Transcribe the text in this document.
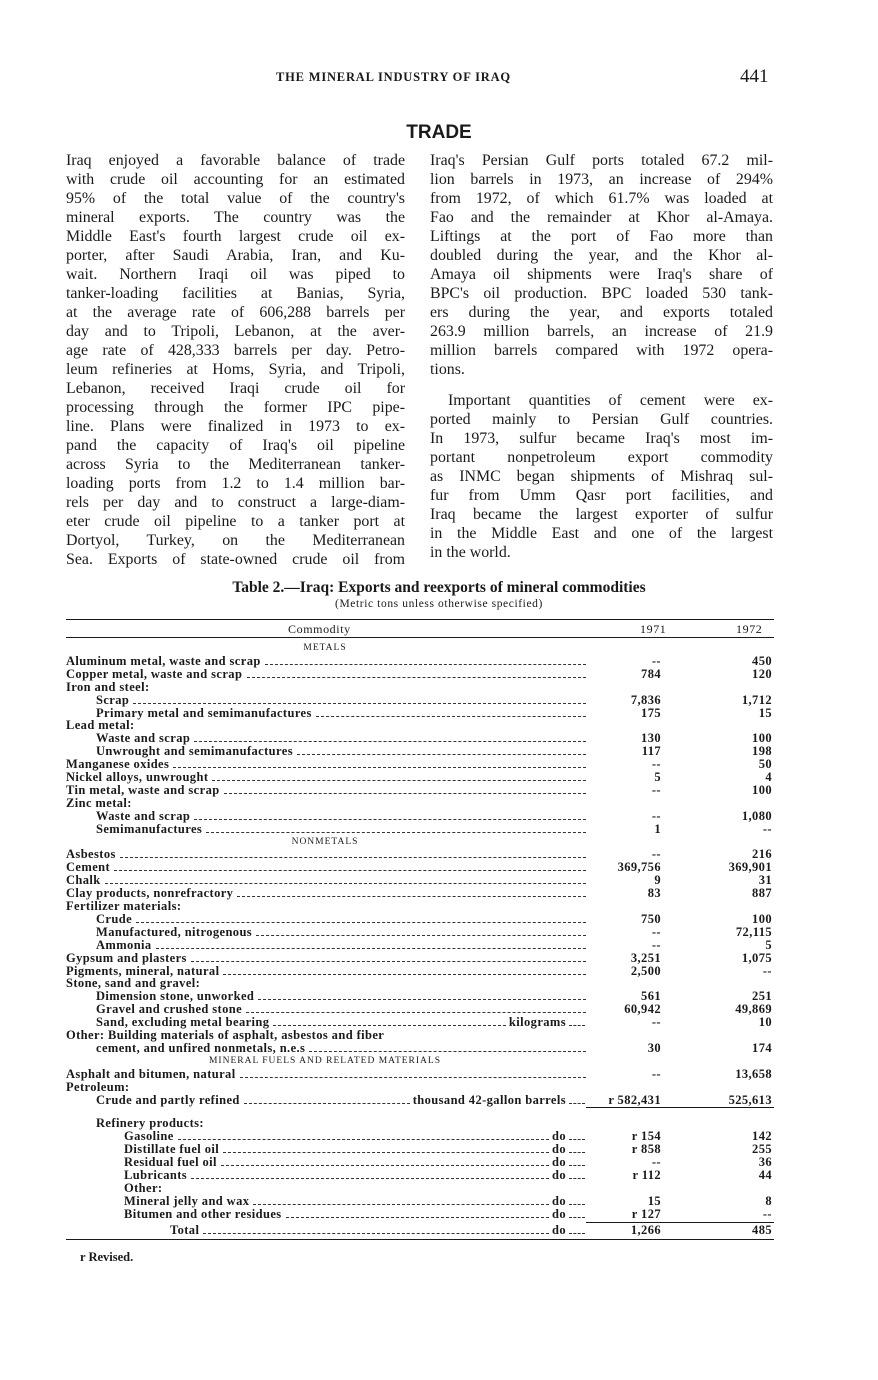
THE MINERAL INDUSTRY OF IRAQ	441
TRADE
Iraq enjoyed a favorable balance of trade
with crude oil accounting for an estimated
95% of the total value of the country's
mineral exports. The country was the
Middle East's fourth largest crude oil ex-
porter, after Saudi Arabia, Iran, and Ku-
wait. Northern Iraqi oil was piped to
tanker-loading facilities at Banias, Syria,
at the average rate of 606,288 barrels per
day and to Tripoli, Lebanon, at the aver-
age rate of 428,333 barrels per day. Petro-
leum refineries at Homs, Syria, and Tripoli,
Lebanon, received Iraqi crude oil for
processing through the former IPC pipe-
line. Plans were finalized in 1973 to ex-
pand the capacity of Iraq's oil pipeline
across Syria to the Mediterranean tanker-
loading ports from 1.2 to 1.4 million bar-
rels per day and to construct a large-diam-
eter crude oil pipeline to a tanker port at
Dortyol, Turkey, on the Mediterranean
Sea. Exports of state-owned crude oil from
Iraq's Persian Gulf ports totaled 67.2 mil-
lion barrels in 1973, an increase of 294%
from 1972, of which 61.7% was loaded at
Fao and the remainder at Khor al-Amaya.
Liftings at the port of Fao more than
doubled during the year, and the Khor al-
Amaya oil shipments were Iraq's share of
BPC's oil production. BPC loaded 530 tank-
ers during the year, and exports totaled
263.9 million barrels, an increase of 21.9
million barrels compared with 1972 opera-
tions.
Important quantities of cement were ex-
ported mainly to Persian Gulf countries.
In 1973, sulfur became Iraq's most im-
portant nonpetroleum export commodity
as INMC began shipments of Mishraq sul-
fur from Umm Qasr port facilities, and
Iraq became the largest exporter of sulfur
in the Middle East and one of the largest
in the world.
Table 2.—Iraq: Exports and reexports of mineral commodities
(Metric tons unless otherwise specified)
Commodity	1971	1972
METALS
Aluminum metal, waste and scrap	--	450
Copper metal, waste and scrap	784	120
Iron and steel:
Scrap	7,836	1,712
Primary metal and semimanufactures	175	15
Lead metal:
Waste and scrap	130	100
Unwrought and semimanufactures	117	198
Manganese oxides	--	50
Nickel alloys, unwrought	5	4
Tin metal, waste and scrap	--	100
Zinc metal:
Waste and scrap	--	1,080
Semimanufactures	1	--
NONMETALS
Asbestos	--	216
Cement	369,756	369,901
Chalk	9	31
Clay products, nonrefractory	83	887
Fertilizer materials:
Crude	750	100
Manufactured, nitrogenous	--	72,115
Ammonia	--	5
Gypsum and plasters	3,251	1,075
Pigments, mineral, natural	2,500	--
Stone, sand and gravel:
Dimension stone, unworked	561	251
Gravel and crushed stone	60,942	49,869
Sand, excluding metal bearing	kilograms	--	10
Other: Building materials of asphalt, asbestos and fiber
cement, and unfired nonmetals, n.e.s	30	174
MINERAL FUELS AND RELATED MATERIALS
Asphalt and bitumen, natural	--	13,658
Petroleum:
Crude and partly refined	thousand 42-gallon barrels	r 582,431	525,613
Refinery products:
Gasoline	do	r 154	142
Distillate fuel oil	do	r 858	255
Residual fuel oil	do	--	36
Lubricants	do	r 112	44
Other:
Mineral jelly and wax	do	15	8
Bitumen and other residues	do	r 127	--
Total	do	1,266	485
r Revised.
